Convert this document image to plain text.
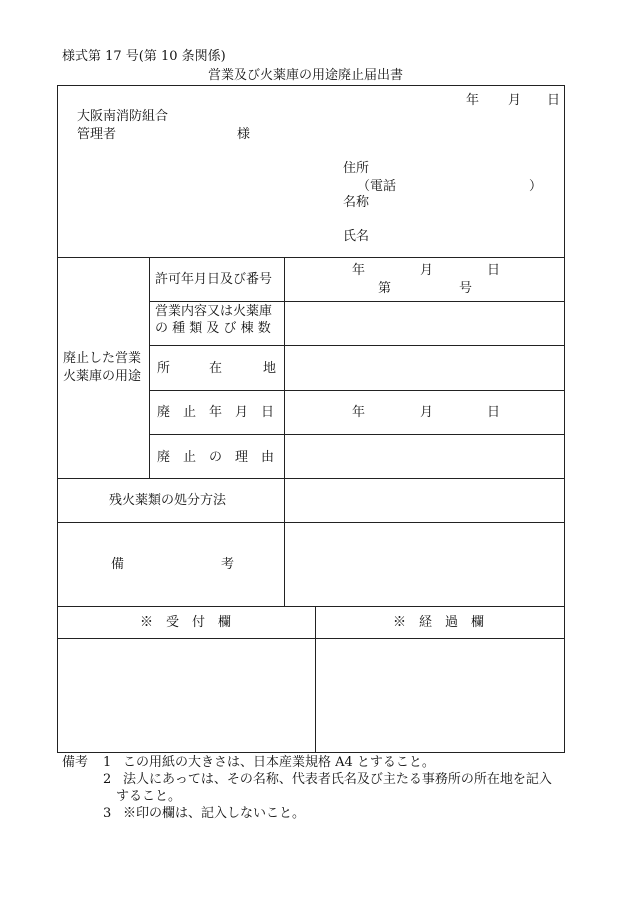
様式第 17 号(第 10 条関係)
営業及び火薬庫の用途廃止届出書
年 月 日
大阪南消防組合
管理者	様
住所
（電話	）
名称
氏名
廃止した営業
火薬庫の用途
許可年月日及び番号
年	月	日
第	号
営業内容又は火薬庫
の 種 類 及 び 棟 数
所	在	地
廃　止　年　月　日	年	月	日
廃　止　の　理　由
残火薬類の処分方法
備	考
※　受　付　欄	※　経　過　欄
備考 1 この用紙の大きさは、日本産業規格 A4 とすること。
2 法人にあっては、その名称、代表者氏名及び主たる事務所の所在地を記入
すること。
3 ※印の欄は、記入しないこと。
